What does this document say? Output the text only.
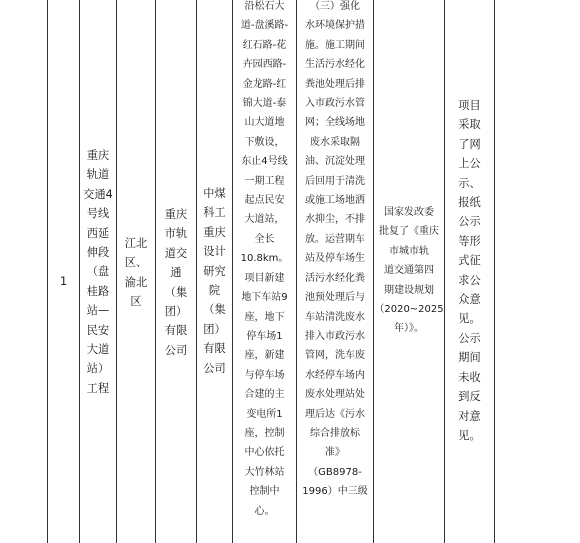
1
重庆
轨道
交通4
号线
西延
伸段
（盘
桂路
站—
民安
大道
站）
工程
江北
区、
渝北
区
重庆
市轨
道交
通
（集
团）
有限
公司
中煤
科工
重庆
设计
研究
院
（集
团）
有限
公司
沿松石大
道-盘溪路-
红石路-花
卉园西路-
金龙路-红
锦大道-泰
山大道地
下敷设，
东止4号线
一期工程
起点民安
大道站，
全长
10.8km。
项目新建
地下车站9
座，地下
停车场1
座，新建
与停车场
合建的主
变电所1
座，控制
中心依托
大竹林站
控制中
心。
（三）强化
水环境保护措
施。施工期间
生活污水经化
粪池处理后排
入市政污水管
网；全线场地
废水采取隔
油、沉淀处理
后回用于清洗
或施工场地洒
水抑尘，不排
放。运营期车
站及停车场生
活污水经化粪
池预处理后与
车站清洗废水
排入市政污水
管网，洗车废
水经停车场内
废水处理站处
理后达《污水
综合排放标
准》
（GB8978-
1996）中三级
国家发改委
批复了《重庆
市城市轨
道交通第四
期建设规划
（2020~2025
年）》。
项目
采取
了网
上公
示、
报纸
公示
等形
式征
求公
众意
见。
公示
期间
未收
到反
对意
见。
